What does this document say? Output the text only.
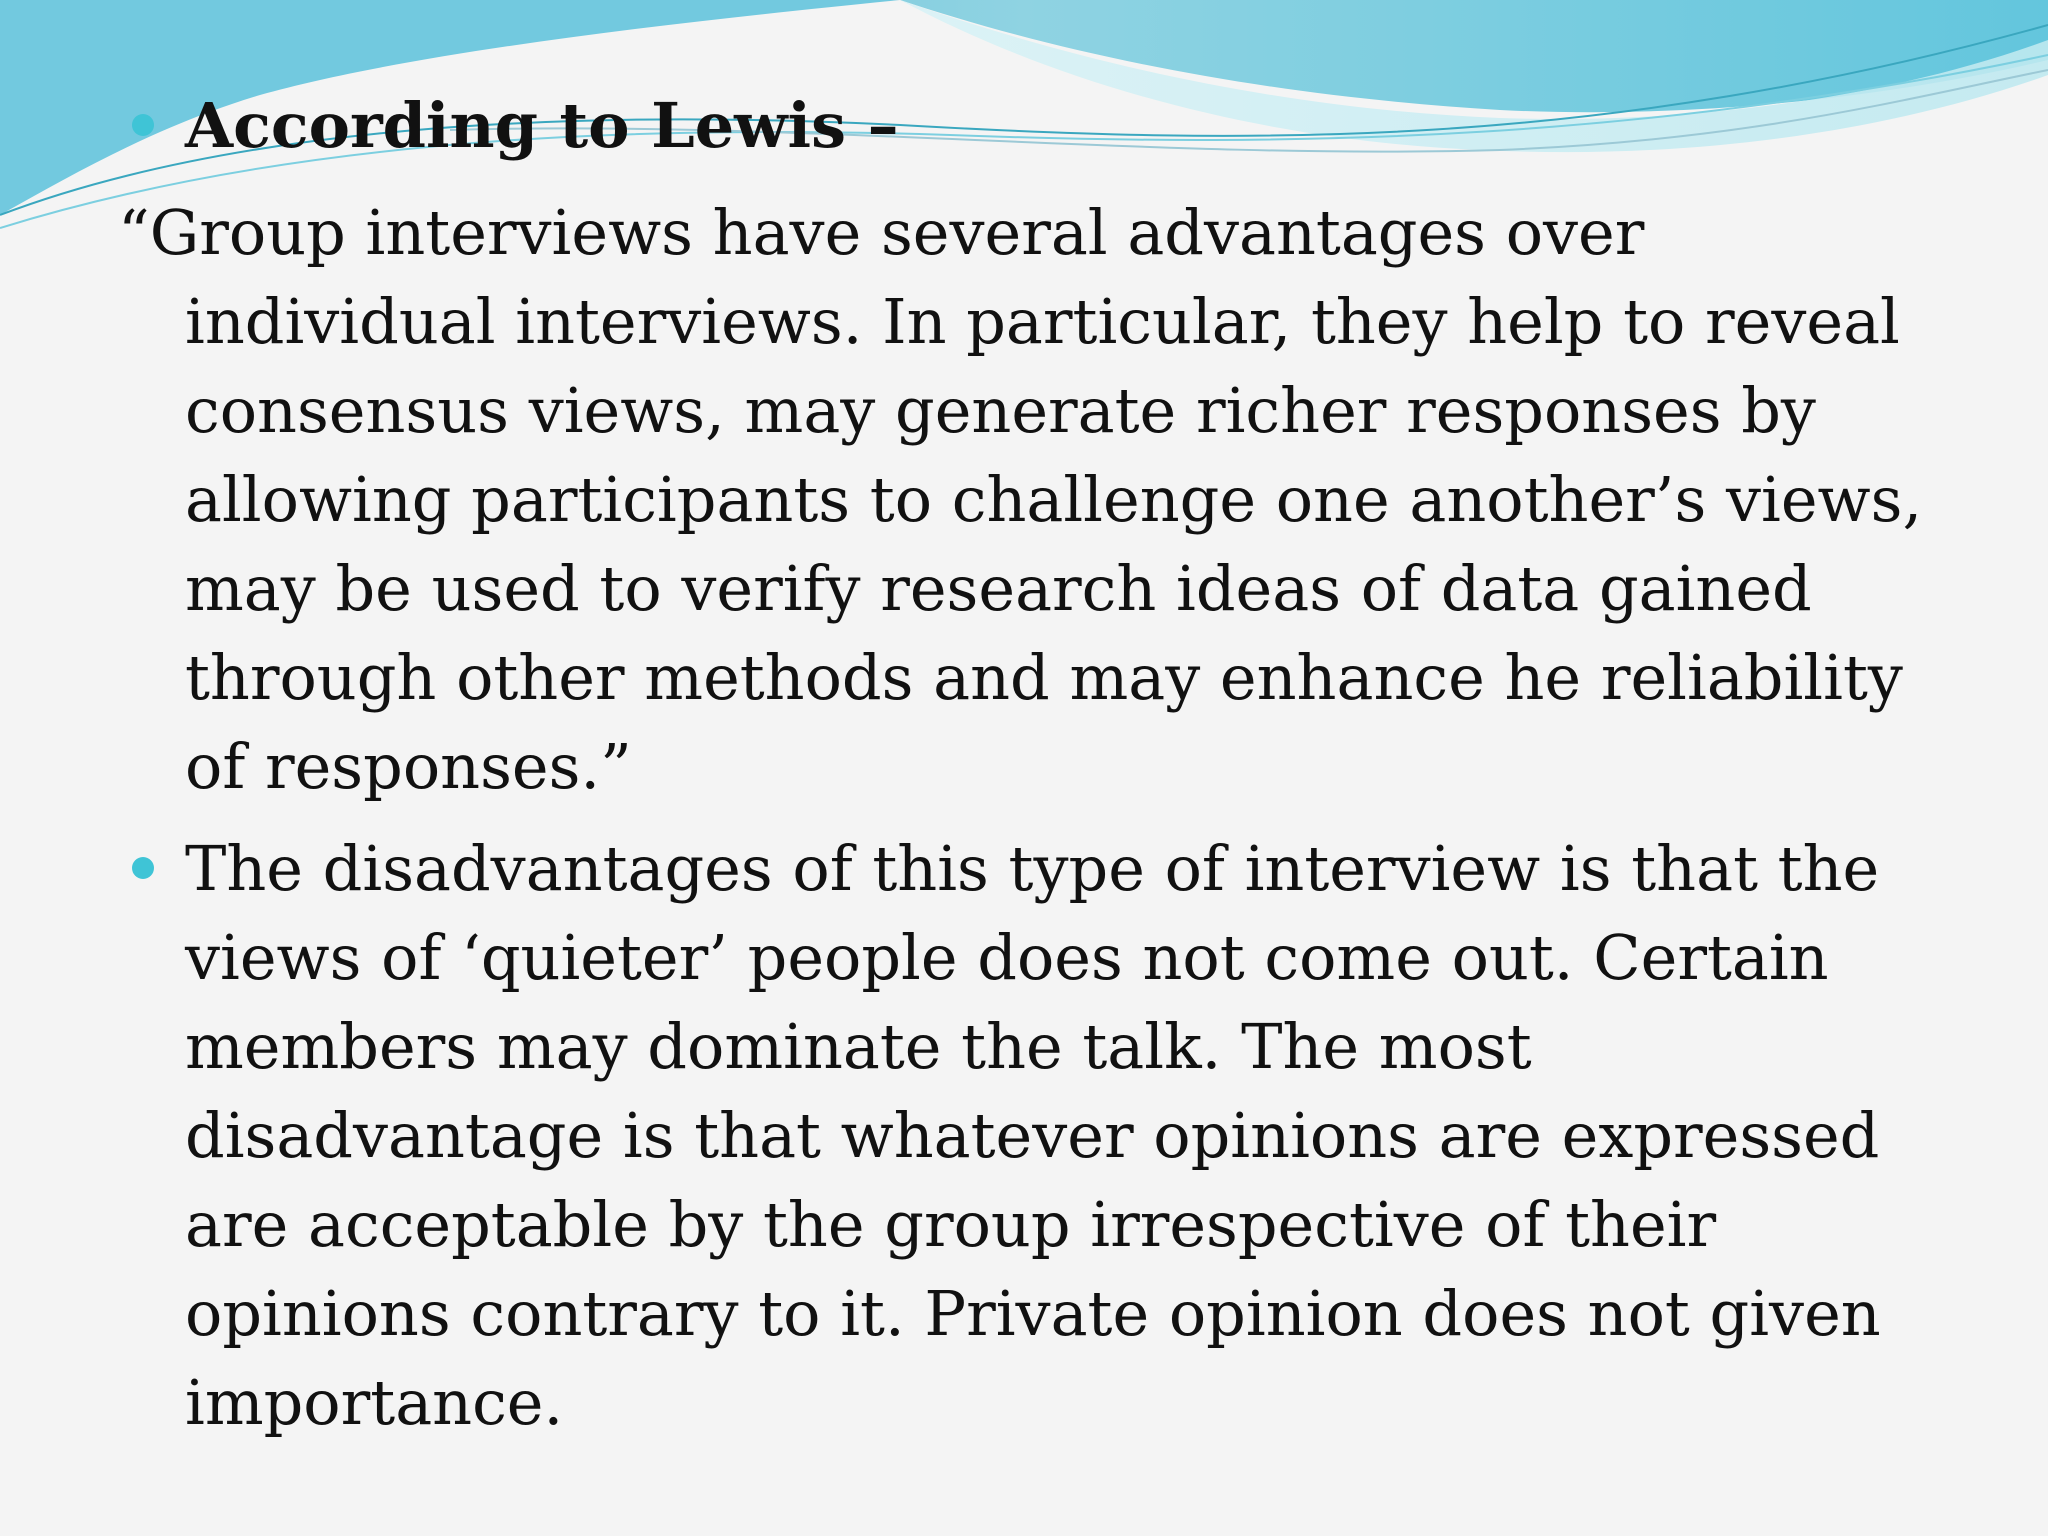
According to Lewis –

“Group interviews have several advantages over

individual interviews. In particular, they help to reveal

consensus views, may generate richer responses by

allowing participants to challenge one another’s views,

may be used to verify research ideas of data gained

through other methods and may enhance he reliability

of responses.”

The disadvantages of this type of interview is that the

views of ‘quieter’ people does not come out. Certain

members may dominate the talk. The most

disadvantage is that whatever opinions are expressed

are acceptable by the group irrespective of their

opinions contrary to it. Private opinion does not given

importance.
